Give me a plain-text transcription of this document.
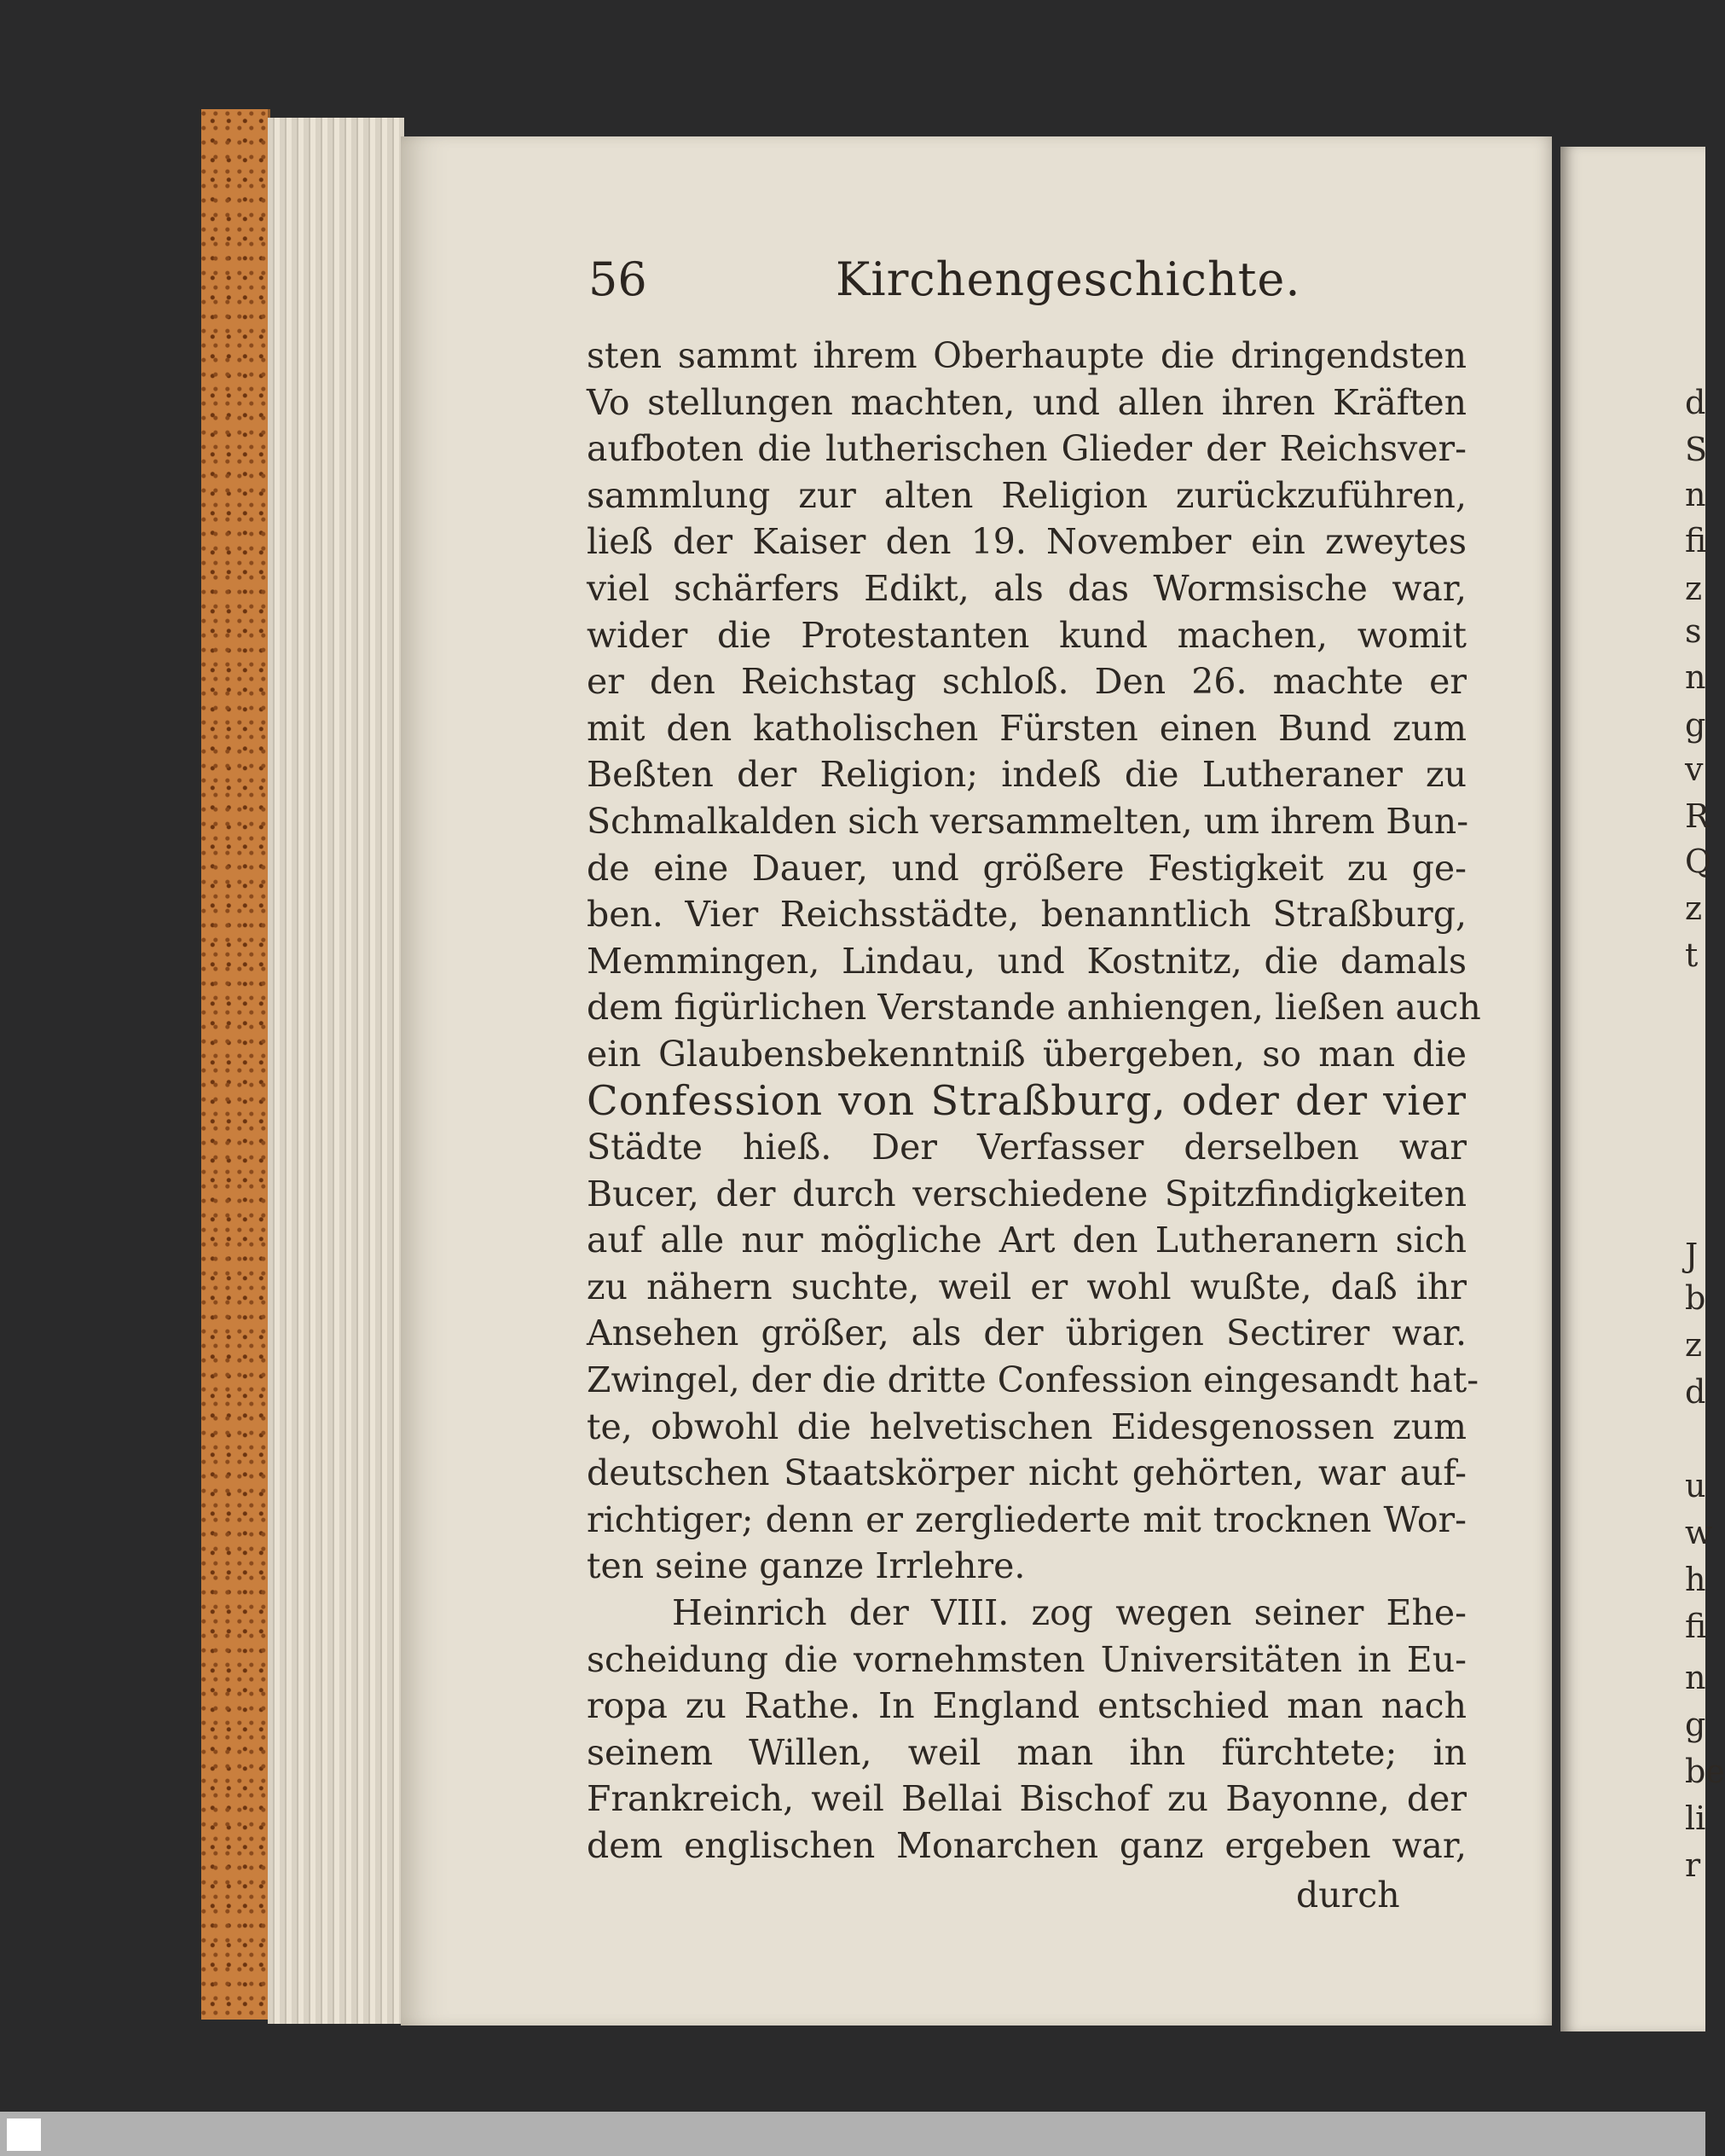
56	Kirchengeschichte.
sten sammt ihrem Oberhaupte die dringendsten
Vo stellungen machten, und allen ihren Kräften
aufboten die lutherischen Glieder der Reichsver-
sammlung zur alten Religion zurückzuführen,
ließ der Kaiser den 19. November ein zweytes
viel schärfers Edikt, als das Wormsische war,
wider die Protestanten kund machen, womit
er den Reichstag schloß. Den 26. machte er
mit den katholischen Fürsten einen Bund zum
Beßten der Religion; indeß die Lutheraner zu
Schmalkalden sich versammelten, um ihrem Bun-
de eine Dauer, und größere Festigkeit zu ge-
ben. Vier Reichsstädte, benanntlich Straßburg,
Memmingen, Lindau, und Kostnitz, die damals
dem figürlichen Verstande anhiengen, ließen auch
ein Glaubensbekenntniß übergeben, so man die
Confession von Straßburg, oder der vier
Städte hieß. Der Verfasser derselben war
Bucer, der durch verschiedene Spitzfindigkeiten
auf alle nur mögliche Art den Lutheranern sich
zu nähern suchte, weil er wohl wußte, daß ihr
Ansehen größer, als der übrigen Sectirer war.
Zwingel, der die dritte Confession eingesandt hat-
te, obwohl die helvetischen Eidesgenossen zum
deutschen Staatskörper nicht gehörten, war auf-
richtiger; denn er zergliederte mit trocknen Wor-
ten seine ganze Irrlehre.
Heinrich der VIII. zog wegen seiner Ehe-
scheidung die vornehmsten Universitäten in Eu-
ropa zu Rathe. In England entschied man nach
seinem Willen, weil man ihn fürchtete; in
Frankreich, weil Bellai Bischof zu Bayonne, der
dem englischen Monarchen ganz ergeben war,
durch
d
S
n
fi
z
s
n
g
v
R
Q
z
t
J
b
z
d
u
w
h
fi
n
g
be
li
r
